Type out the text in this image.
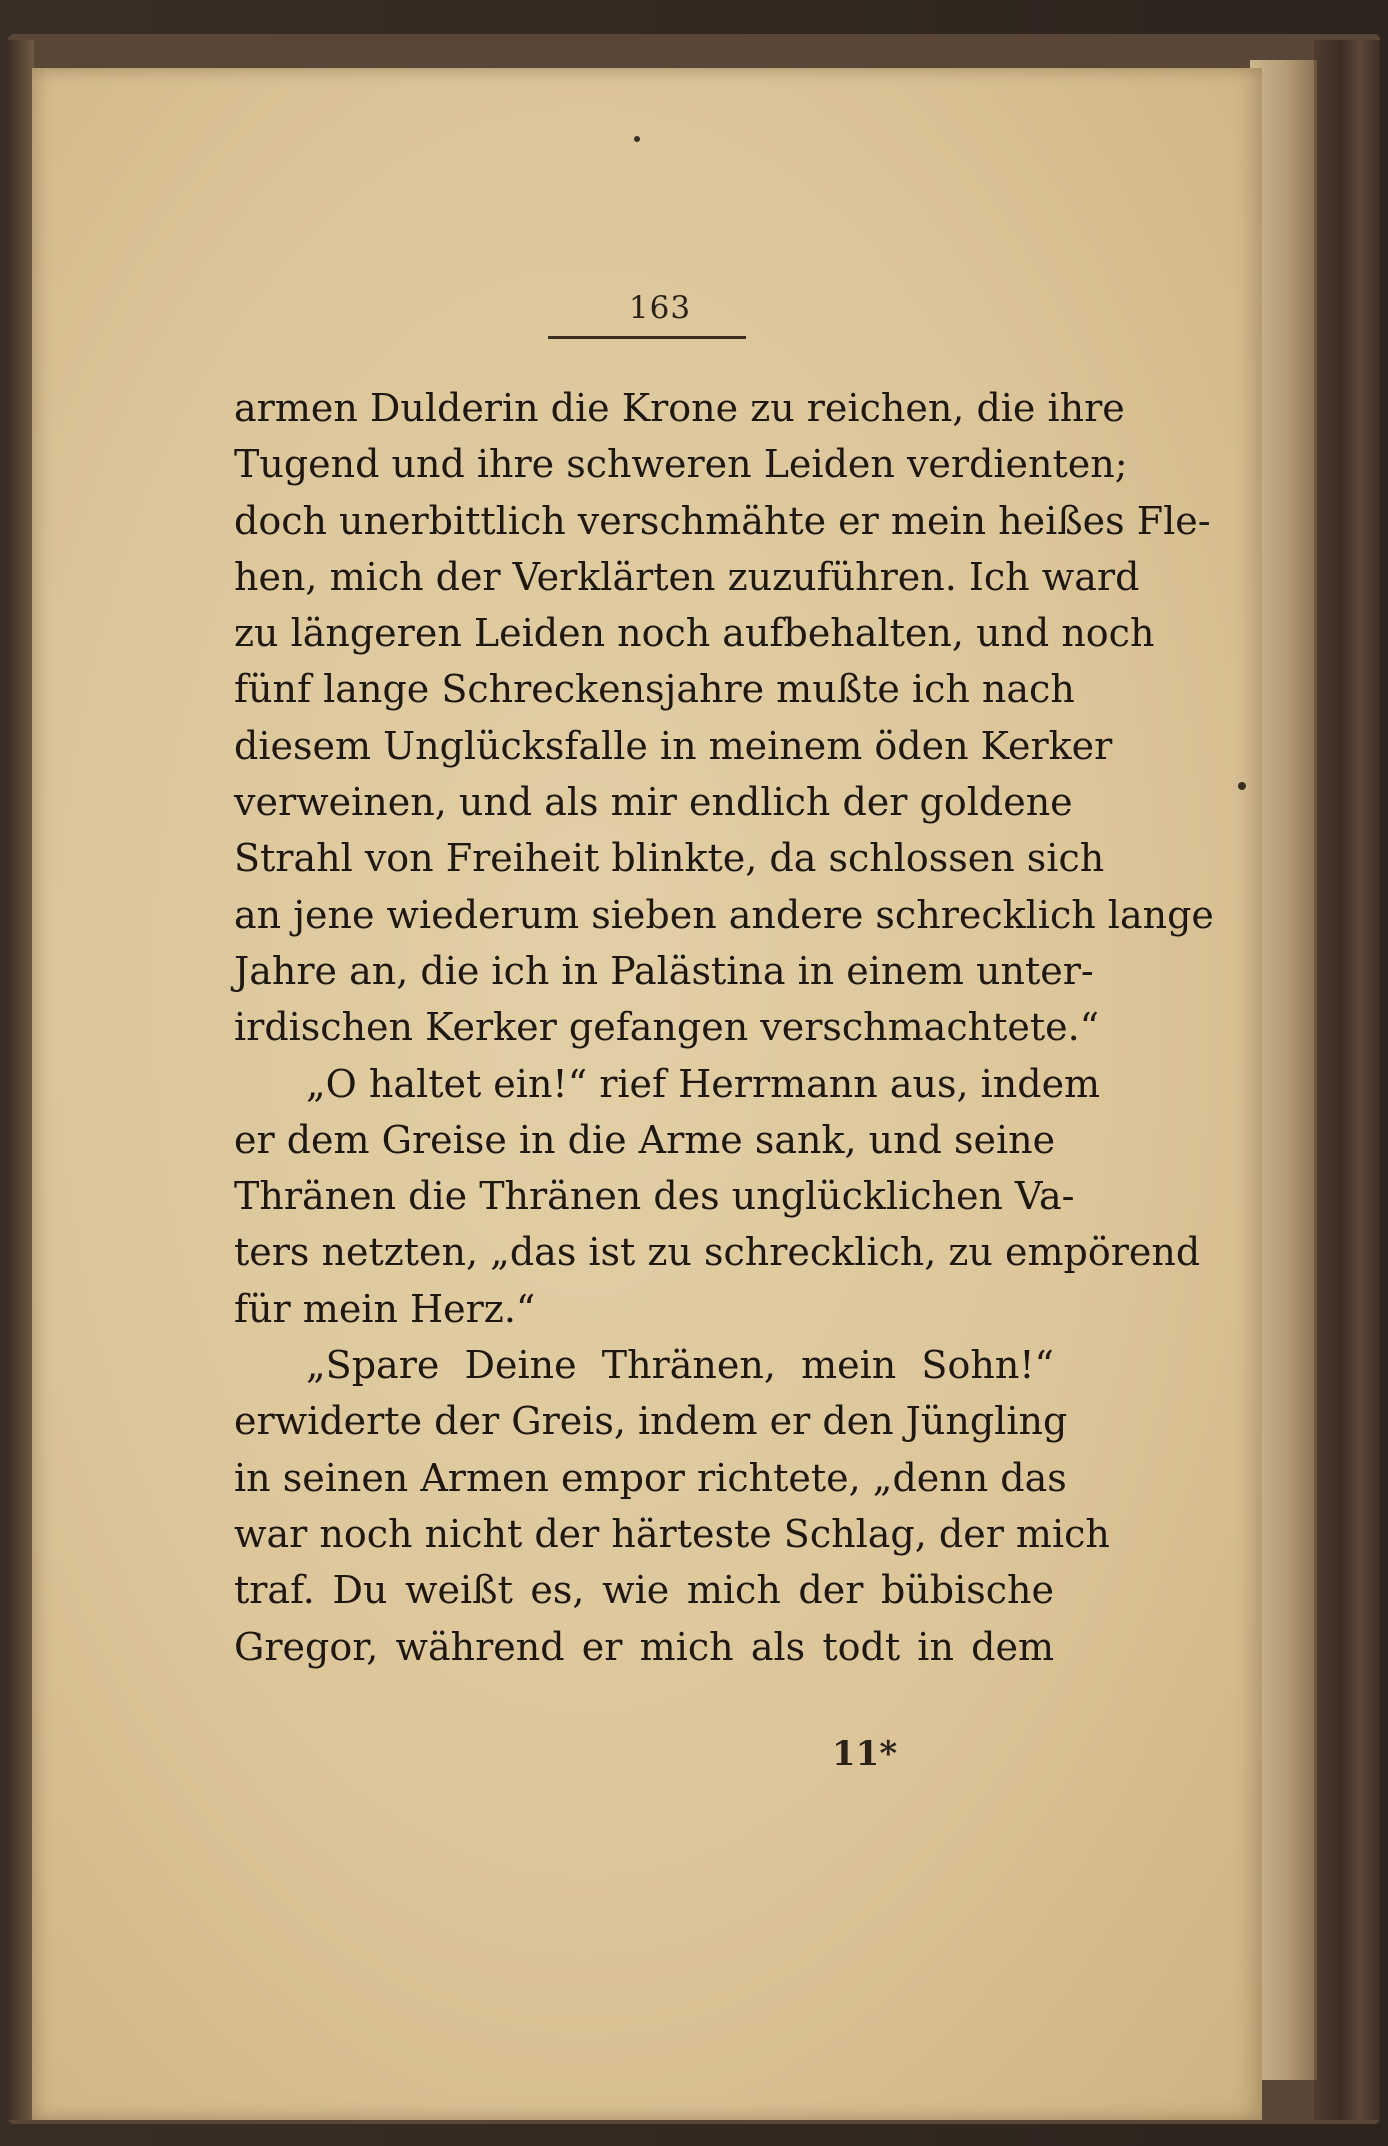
163
armen Dulderin die Krone zu reichen, die ihre
Tugend und ihre schweren Leiden verdienten;
doch unerbittlich verschmähte er mein heißes Fle-
hen, mich der Verklärten zuzuführen. Ich ward
zu längeren Leiden noch aufbehalten, und noch
fünf lange Schreckensjahre mußte ich nach
diesem Unglücksfalle in meinem öden Kerker
verweinen, und als mir endlich der goldene
Strahl von Freiheit blinkte, da schlossen sich
an jene wiederum sieben andere schrecklich lange
Jahre an, die ich in Palästina in einem unter-
irdischen Kerker gefangen verschmachtete.“
„O haltet ein!“ rief Herrmann aus, indem
er dem Greise in die Arme sank, und seine
Thränen die Thränen des unglücklichen Va-
ters netzten, „das ist zu schrecklich, zu empörend
für mein Herz.“
„Spare Deine Thränen, mein Sohn!“
erwiderte der Greis, indem er den Jüngling
in seinen Armen empor richtete, „denn das
war noch nicht der härteste Schlag, der mich
traf. Du weißt es, wie mich der bübische
Gregor, während er mich als todt in dem
11*
